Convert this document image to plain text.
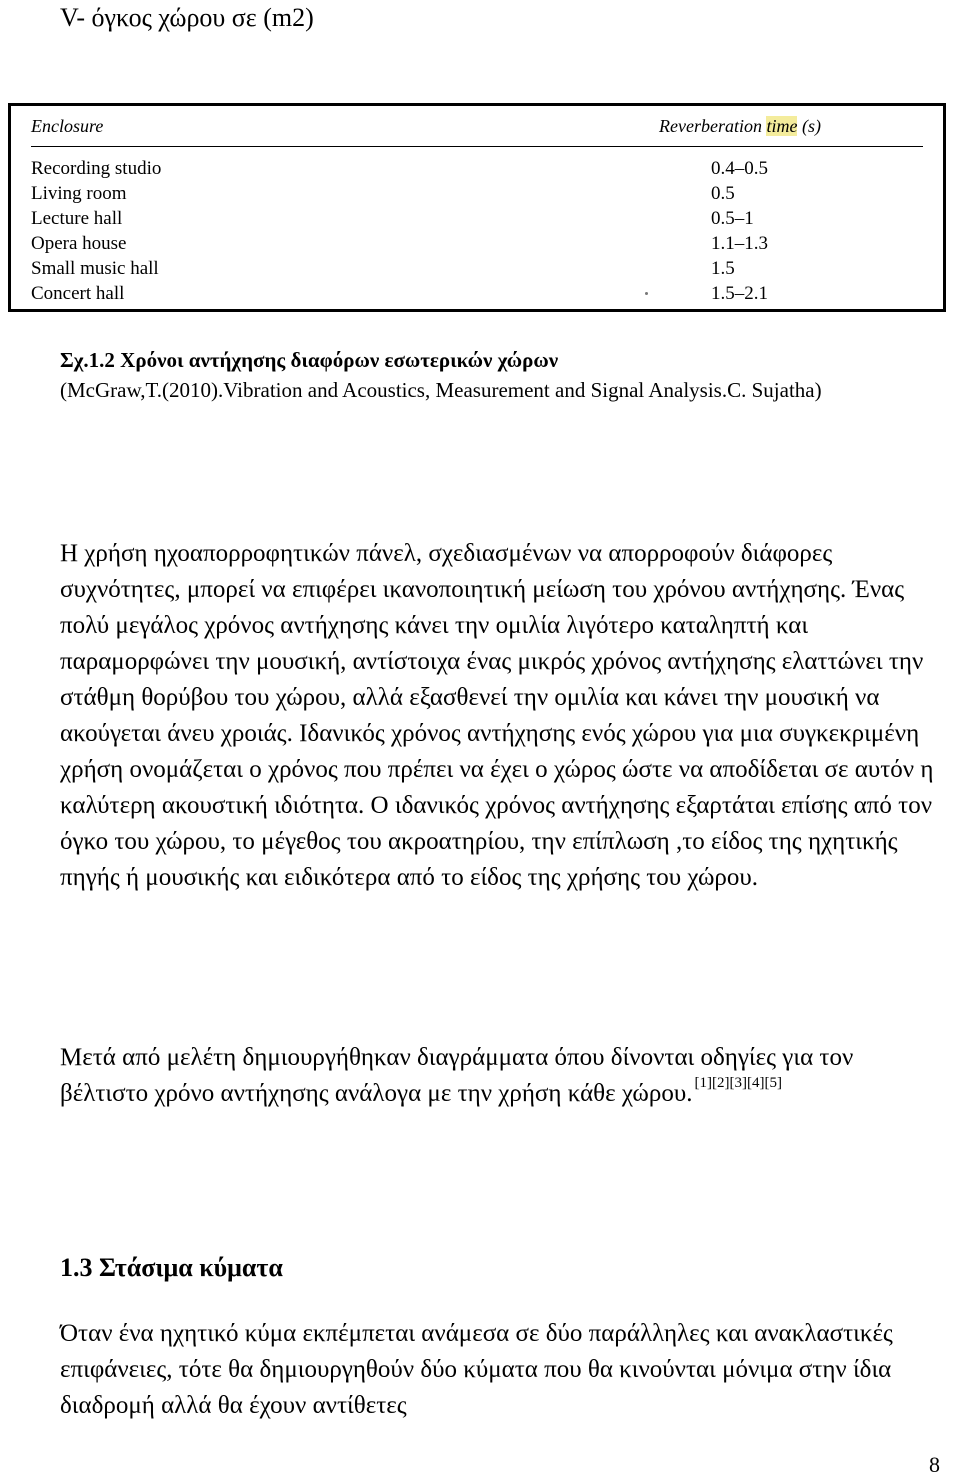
V- όγκος χώρου σε (m2)
Enclosure	Reverberation time (s)
Recording studio	0.4–0.5
Living room	0.5
Lecture hall	0.5–1
Opera house	1.1–1.3
Small music hall	1.5
Concert hall	1.5–2.1
Σχ.1.2 Χρόνοι αντήχησης διαφόρων εσωτερικών χώρων
(McGraw,T.(2010).Vibration and Acoustics, Measurement and Signal Analysis.C. Sujatha)

Η χρήση ηχοαπορροφητικών πάνελ, σχεδιασμένων να απορροφούν διάφορες συχνότητες, μπορεί να επιφέρει ικανοποιητική μείωση του χρόνου αντήχησης. Ένας πολύ μεγάλος χρόνος αντήχησης κάνει την ομιλία λιγότερο καταληπτή και παραμορφώνει την μουσική, αντίστοιχα ένας μικρός χρόνος αντήχησης ελαττώνει την στάθμη θορύβου του χώρου, αλλά εξασθενεί την ομιλία και κάνει την μουσική να ακούγεται άνευ χροιάς. Ιδανικός χρόνος αντήχησης ενός χώρου για μια συγκεκριμένη χρήση ονομάζεται ο χρόνος που πρέπει να έχει ο χώρος ώστε να αποδίδεται σε αυτόν η καλύτερη ακουστική ιδιότητα. Ο ιδανικός χρόνος αντήχησης εξαρτάται επίσης από τον όγκο του χώρου, το μέγεθος του ακροατηρίου, την επίπλωση ,το είδος της ηχητικής πηγής ή μουσικής και ειδικότερα από το είδος της χρήσης του χώρου.

Μετά από μελέτη δημιουργήθηκαν διαγράμματα όπου δίνονται οδηγίες για τον βέλτιστο χρόνο αντήχησης ανάλογα με την χρήση κάθε χώρου. [1][2][3][4][5]

1.3 Στάσιμα κύματα

Όταν ένα ηχητικό κύμα εκπέμπεται ανάμεσα σε δύο παράλληλες και ανακλαστικές επιφάνειες, τότε θα δημιουργηθούν δύο κύματα που θα κινούνται μόνιμα στην ίδια διαδρομή αλλά θα έχουν αντίθετες

8
